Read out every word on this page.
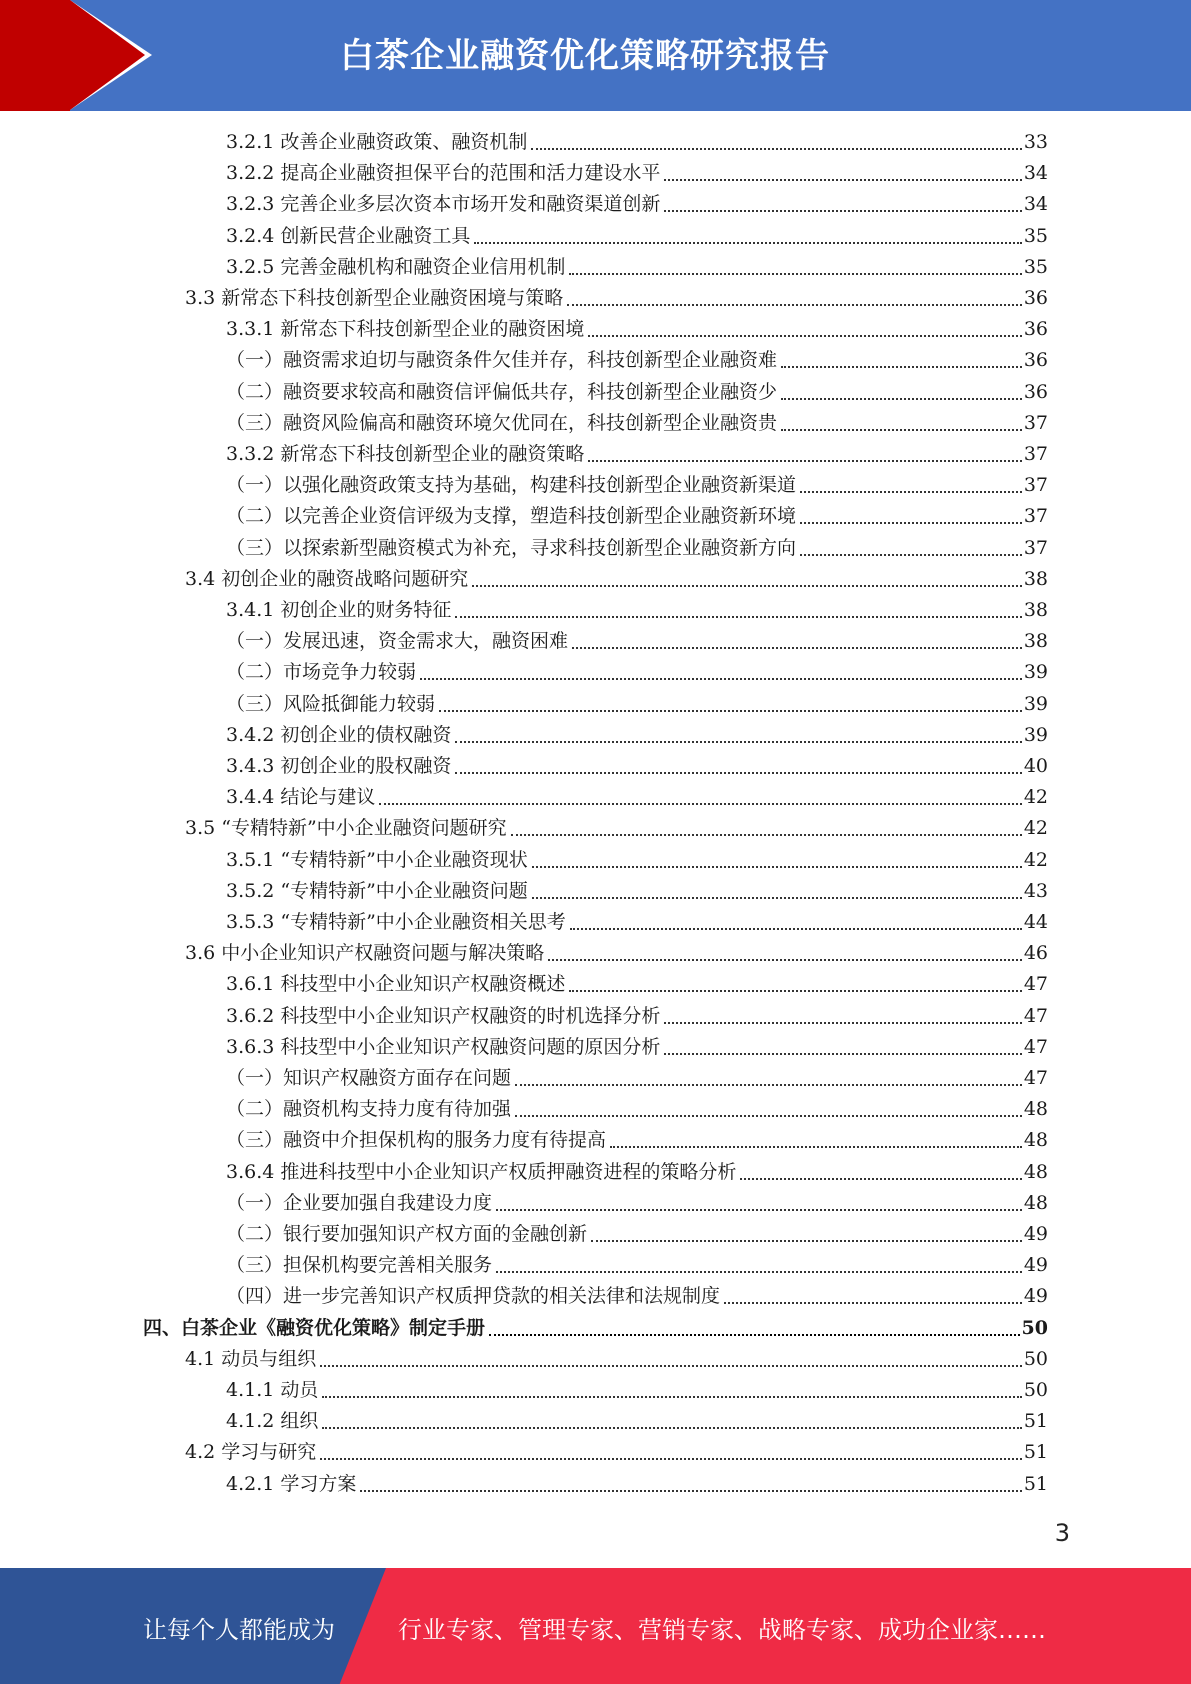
白茶企业融资优化策略研究报告
3.2.1 改善企业融资政策、融资机制	33
3.2.2 提高企业融资担保平台的范围和活力建设水平	34
3.2.3 完善企业多层次资本市场开发和融资渠道创新	34
3.2.4 创新民营企业融资工具	35
3.2.5 完善金融机构和融资企业信用机制	35
3.3 新常态下科技创新型企业融资困境与策略	36
3.3.1 新常态下科技创新型企业的融资困境	36
（一）融资需求迫切与融资条件欠佳并存，科技创新型企业融资难	36
（二）融资要求较高和融资信评偏低共存，科技创新型企业融资少	36
（三）融资风险偏高和融资环境欠优同在，科技创新型企业融资贵	37
3.3.2 新常态下科技创新型企业的融资策略	37
（一）以强化融资政策支持为基础，构建科技创新型企业融资新渠道	37
（二）以完善企业资信评级为支撑，塑造科技创新型企业融资新环境	37
（三）以探索新型融资模式为补充，寻求科技创新型企业融资新方向	37
3.4 初创企业的融资战略问题研究	38
3.4.1 初创企业的财务特征	38
（一）发展迅速，资金需求大，融资困难	38
（二）市场竞争力较弱	39
（三）风险抵御能力较弱	39
3.4.2 初创企业的债权融资	39
3.4.3 初创企业的股权融资	40
3.4.4 结论与建议	42
3.5 “专精特新”中小企业融资问题研究	42
3.5.1 “专精特新”中小企业融资现状	42
3.5.2 “专精特新”中小企业融资问题	43
3.5.3 “专精特新”中小企业融资相关思考	44
3.6 中小企业知识产权融资问题与解决策略	46
3.6.1 科技型中小企业知识产权融资概述	47
3.6.2 科技型中小企业知识产权融资的时机选择分析	47
3.6.3 科技型中小企业知识产权融资问题的原因分析	47
（一）知识产权融资方面存在问题	47
（二）融资机构支持力度有待加强	48
（三）融资中介担保机构的服务力度有待提高	48
3.6.4 推进科技型中小企业知识产权质押融资进程的策略分析	48
（一）企业要加强自我建设力度	48
（二）银行要加强知识产权方面的金融创新	49
（三）担保机构要完善相关服务	49
（四）进一步完善知识产权质押贷款的相关法律和法规制度	49
四、白茶企业《融资优化策略》制定手册	50
4.1 动员与组织	50
4.1.1 动员	50
4.1.2 组织	51
4.2 学习与研究	51
4.2.1 学习方案	51
3
让每个人都能成为	行业专家、管理专家、营销专家、战略专家、成功企业家……
